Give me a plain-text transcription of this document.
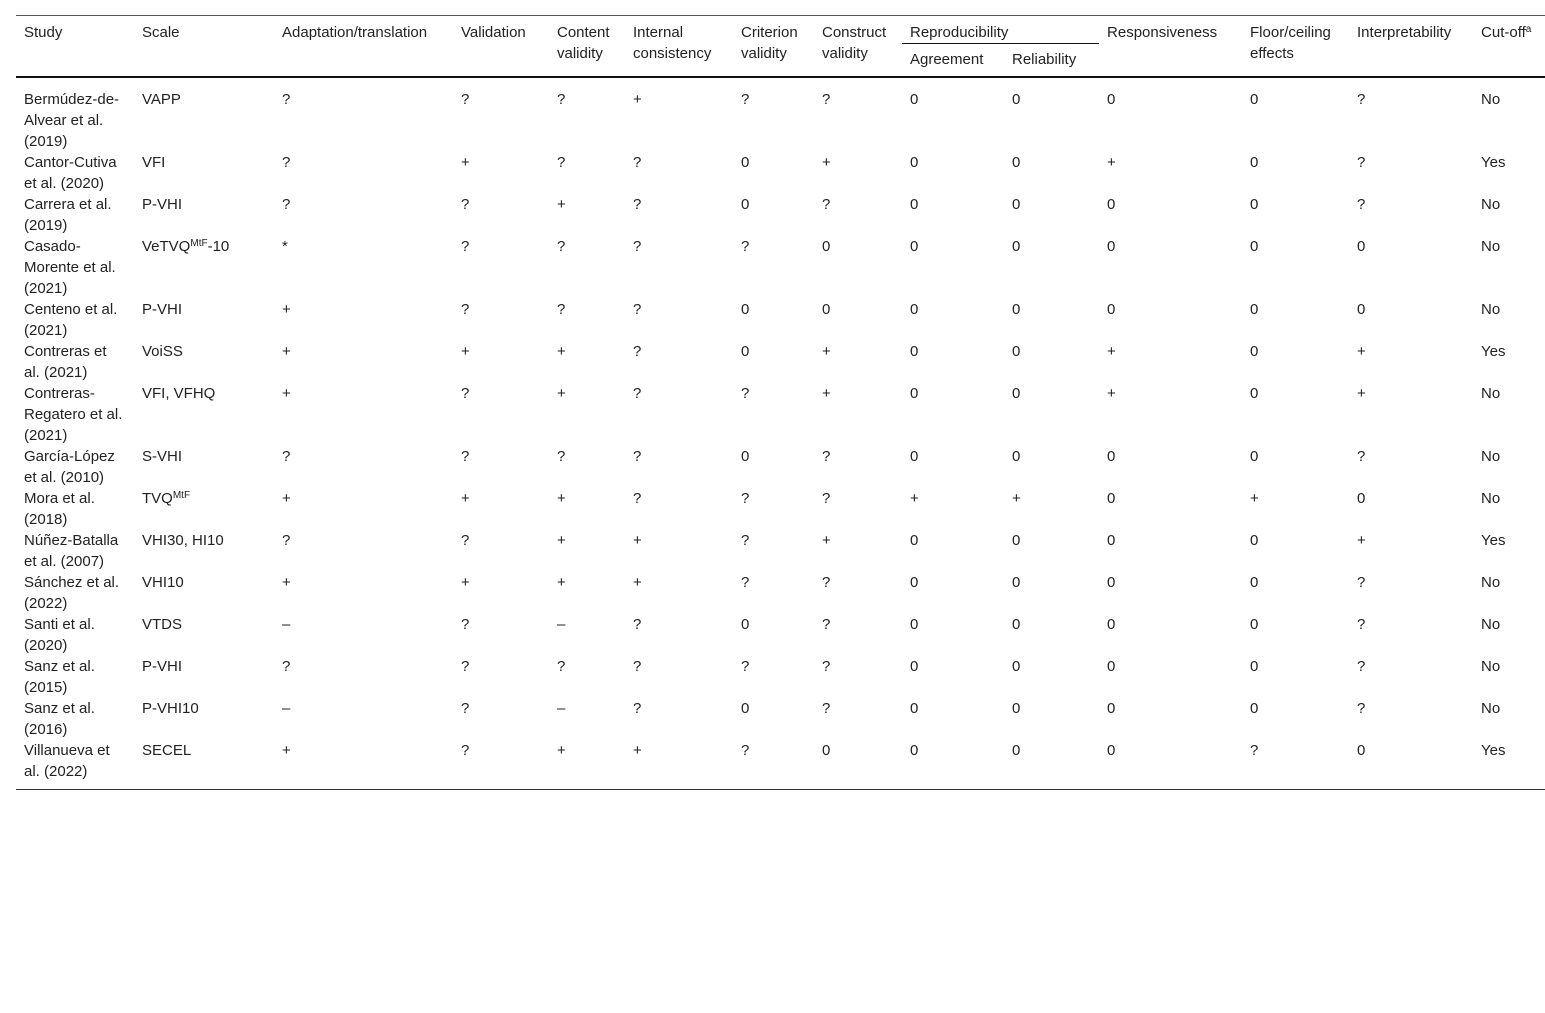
Study	Scale	Adaptation/translation	Validation	Content validity	Internal consistency	Criterion validity	Construct validity	Reproducibility		Responsiveness	Floor/ceiling effects	Interpretability	Cut-off$^a$
								Agreement	Reliability				
Bermúdez-de-Alvear et al. (2019)	VAPP	?	?	?	+	?	?	0	0	0	0	?	No
Cantor-Cutiva et al. (2020)	VFI	?	+	?	?	0	+	0	0	+	0	?	Yes
Carrera et al. (2019)	P-VHI	?	?	+	?	0	?	0	0	0	0	?	No
Casado-Morente et al. (2021)	VeTVQ$^{MtF}$-10	*	?	?	?	?	0	0	0	0	0	0	No
Centeno et al. (2021)	P-VHI	+	?	?	?	0	0	0	0	0	0	0	No
Contreras et al. (2021)	VoiSS	+	+	+	?	0	+	0	0	+	0	+	Yes
Contreras-Regatero et al. (2021)	VFI, VFHQ	+	?	+	?	?	+	0	0	+	0	+	No
García-López et al. (2010)	S-VHI	?	?	?	?	0	?	0	0	0	0	?	No
Mora et al. (2018)	$TVQ^{MtF}$	+	+	+	?	?	?	+	+	0	+	0	No
Núñez-Batalla et al. (2007)	VHI30, HI10	?	?	+	+	?	+	0	0	0	0	+	Yes
Sánchez et al. (2022)	VHI10	+	+	+	+	?	?	0	0	0	0	?	No
Santi et al. (2020)	VTDS	–	?	–	?	0	?	0	0	0	0	?	No
Sanz et al. (2015)	P-VHI	?	?	?	?	?	?	0	0	0	0	?	No
Sanz et al. (2016)	P-VHI10	–	?	–	?	0	?	0	0	0	0	?	No
Villanueva et al. (2022)	SECEL	+	?	+	+	?	0	0	0	0	?	0	Yes
